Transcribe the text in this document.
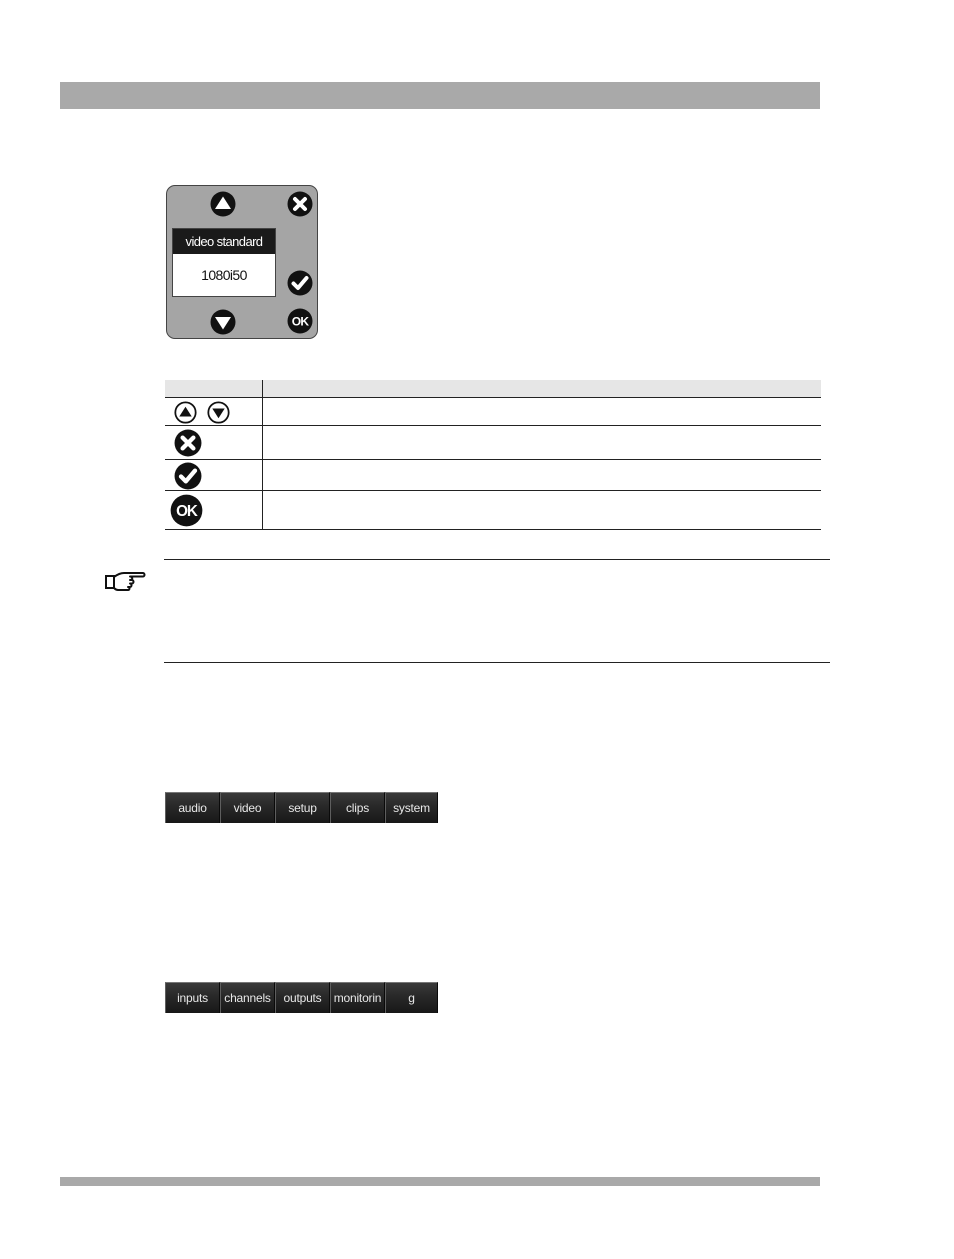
video standard
1080i50
OK
OK
audio	video	setup	clips	system
inputs	channels	outputs	monitorin	g
